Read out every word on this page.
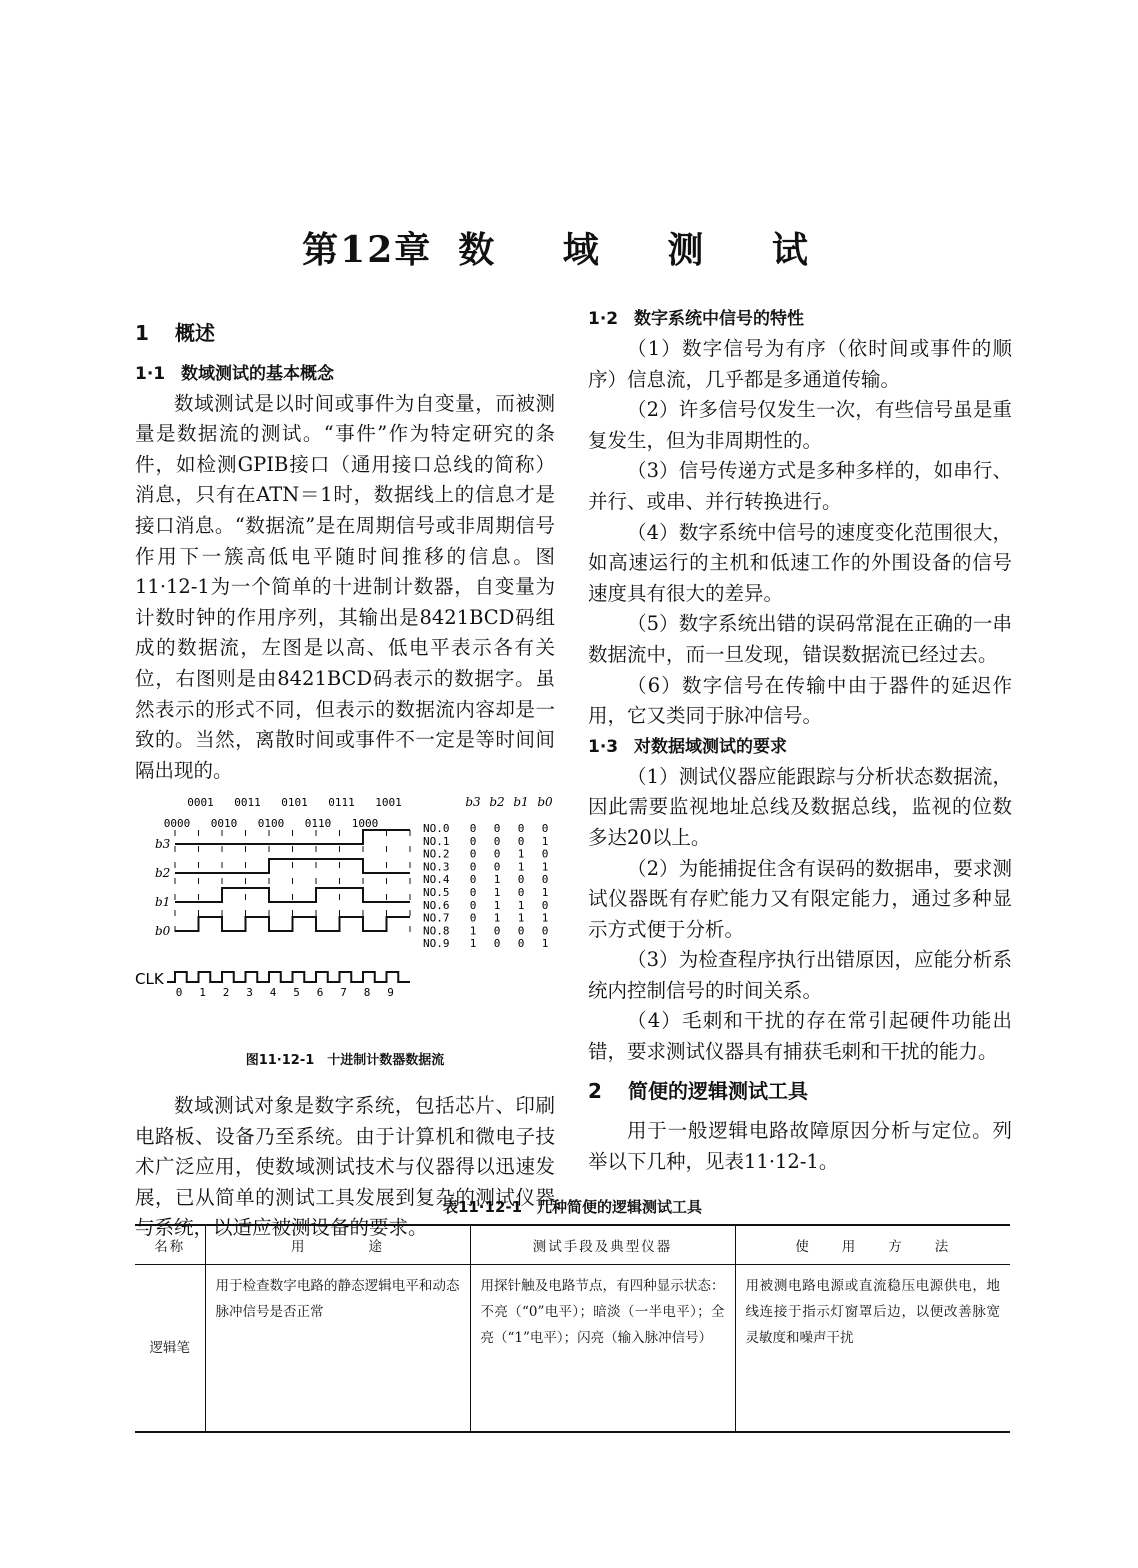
第12章 数 域 测 试
1 概述
1·1 数域测试的基本概念

数域测试是以时间或事件为自变量，而被测量是数据流的测试。“事件”作为特定研究的条件，如检测GPIB接口（通用接口总线的简称）消息，只有在ATN＝1时，数据线上的信息才是接口消息。“数据流”是在周期信号或非周期信号作用下一簇高低电平随时间推移的信息。图11·12-1为一个简单的十进制计数器，自变量为计数时钟的作用序列，其输出是8421BCD码组成的数据流，左图是以高、低电平表示各有关位，右图则是由8421BCD码表示的数据字。虽然表示的形式不同，但表示的数据流内容却是一致的。当然，离散时间或事件不一定是等时间间隔出现的。

0001 0011 0101 0111 1001
0000 0010 0100 0110 1000
b3
b2
b1
b0
CLK
0 1 2 3 4 5 6 7 8 9
b3 b2 b1 b0
NO.0 0 0 0 0
NO.1 0 0 0 1
NO.2 0 0 1 0
NO.3 0 0 1 1
NO.4 0 1 0 0
NO.5 0 1 0 1
NO.6 0 1 1 0
NO.7 0 1 1 1
NO.8 1 0 0 0
NO.9 1 0 0 1
图11·12-1　十进制计数器数据流

数域测试对象是数字系统，包括芯片、印刷电路板、设备乃至系统。由于计算机和微电子技术广泛应用，使数域测试技术与仪器得以迅速发展，已从简单的测试工具发展到复杂的测试仪器与系统，以适应被测设备的要求。

1·2 数字系统中信号的特性

（1）数字信号为有序（依时间或事件的顺序）信息流，几乎都是多通道传输。

（2）许多信号仅发生一次，有些信号虽是重复发生，但为非周期性的。

（3）信号传递方式是多种多样的，如串行、并行、或串、并行转换进行。

（4）数字系统中信号的速度变化范围很大，如高速运行的主机和低速工作的外围设备的信号速度具有很大的差异。

（5）数字系统出错的误码常混在正确的一串数据流中，而一旦发现，错误数据流已经过去。

（6）数字信号在传输中由于器件的延迟作用，它又类同于脉冲信号。

1·3 对数据域测试的要求

（1）测试仪器应能跟踪与分析状态数据流，因此需要监视地址总线及数据总线，监视的位数多达20以上。

（2）为能捕捉住含有误码的数据串，要求测试仪器既有存贮能力又有限定能力，通过多种显示方式便于分析。

（3）为检查程序执行出错原因，应能分析系统内控制信号的时间关系。

（4）毛刺和干扰的存在常引起硬件功能出错，要求测试仪器具有捕获毛刺和干扰的能力。

2 简便的逻辑测试工具

用于一般逻辑电路故障原因分析与定位。列举以下几种，见表11·12-1。

表11·12-1　几种简便的逻辑测试工具
名称	用　　　　途	测试手段及典型仪器	使　　用　　方　　法
逻辑笔	用于检查数字电路的静态逻辑电平和动态脉冲信号是否正常	用探针触及电路节点，有四种显示状态：不亮（“0”电平）；暗淡（一半电平）；全亮（“1”电平）；闪亮（输入脉冲信号）	用被测电路电源或直流稳压电源供电，地线连接于指示灯窗罩后边，以便改善脉宽灵敏度和噪声干扰
